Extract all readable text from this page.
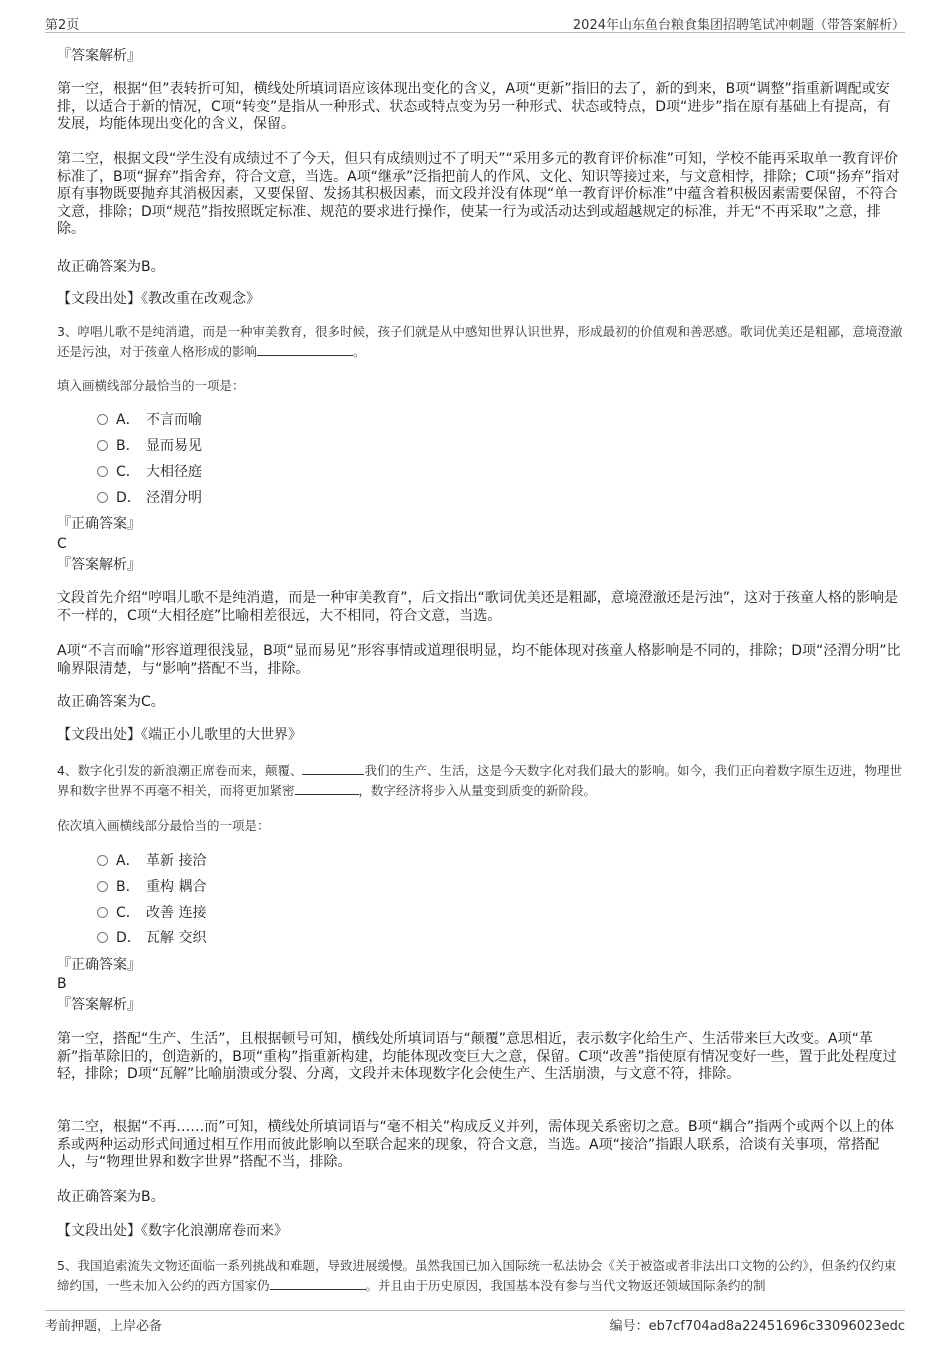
第2页	2024年山东鱼台粮食集团招聘笔试冲刺题（带答案解析）

『答案解析』

第一空，根据“但”表转折可知，横线处所填词语应该体现出变化的含义，A项“更新”指旧的去了，新的到来，B项“调整”指重新调配或安排，以适合于新的情况，C项“转变”是指从一种形式、状态或特点变为另一种形式、状态或特点，D项“进步”指在原有基础上有提高，有发展，均能体现出变化的含义，保留。

第二空，根据文段“学生没有成绩过不了今天，但只有成绩则过不了明天”“采用多元的教育评价标准”可知，学校不能再采取单一教育评价标准了，B项“摒弃”指舍弃，符合文意，当选。A项“继承”泛指把前人的作风、文化、知识等接过来，与文意相悖，排除；C项“扬弃”指对原有事物既要抛弃其消极因素，又要保留、发扬其积极因素，而文段并没有体现“单一教育评价标准”中蕴含着积极因素需要保留，不符合文意，排除；D项“规范”指按照既定标准、规范的要求进行操作，使某一行为或活动达到或超越规定的标准，并无“不再采取”之意，排除。

故正确答案为B。

【文段出处】《教改重在改观念》

3、哼唱儿歌不是纯消遣，而是一种审美教育，很多时候，孩子们就是从中感知世界认识世界，形成最初的价值观和善恶感。歌词优美还是粗鄙，意境澄澈还是污浊，对于孩童人格形成的影响	。

填入画横线部分最恰当的一项是：
A． 不言而喻
B． 显而易见
C． 大相径庭
D． 泾渭分明

『正确答案』

C

『答案解析』

文段首先介绍“哼唱儿歌不是纯消遣，而是一种审美教育”，后文指出“歌词优美还是粗鄙，意境澄澈还是污浊”，这对于孩童人格的影响是不一样的，C项“大相径庭”比喻相差很远，大不相同，符合文意，当选。

A项“不言而喻”形容道理很浅显，B项“显而易见”形容事情或道理很明显，均不能体现对孩童人格影响是不同的，排除；D项“泾渭分明”比喻界限清楚，与“影响”搭配不当，排除。

故正确答案为C。

【文段出处】《端正小儿歌里的大世界》

4、数字化引发的新浪潮正席卷而来，颠覆、	我们的生产、生活，这是今天数字化对我们最大的影响。如今，我们正向着数字原生迈进，物理世界和数字世界不再毫不相关，而将更加紧密	，数字经济将步入从量变到质变的新阶段。

依次填入画横线部分最恰当的一项是：
A． 革新 接洽
B． 重构 耦合
C． 改善 连接
D． 瓦解 交织

『正确答案』

B

『答案解析』

第一空，搭配“生产、生活”，且根据顿号可知，横线处所填词语与“颠覆”意思相近，表示数字化给生产、生活带来巨大改变。A项“革新”指革除旧的，创造新的，B项“重构”指重新构建，均能体现改变巨大之意，保留。C项“改善”指使原有情况变好一些，置于此处程度过轻，排除；D项“瓦解”比喻崩溃或分裂、分离，文段并未体现数字化会使生产、生活崩溃，与文意不符，排除。

第二空，根据“不再……而”可知，横线处所填词语与“毫不相关”构成反义并列，需体现关系密切之意。B项“耦合”指两个或两个以上的体系或两种运动形式间通过相互作用而彼此影响以至联合起来的现象，符合文意，当选。A项“接洽”指跟人联系，洽谈有关事项，常搭配人，与“物理世界和数字世界”搭配不当，排除。

故正确答案为B。

【文段出处】《数字化浪潮席卷而来》

5、我国追索流失文物还面临一系列挑战和难题，导致进展缓慢。虽然我国已加入国际统一私法协会《关于被盗或者非法出口文物的公约》，但条约仅约束缔约国，一些未加入公约的西方国家仍	。并且由于历史原因，我国基本没有参与当代文物返还领域国际条约的制

考前押题，上岸必备	编号：eb7cf704ad8a22451696c33096023edc
